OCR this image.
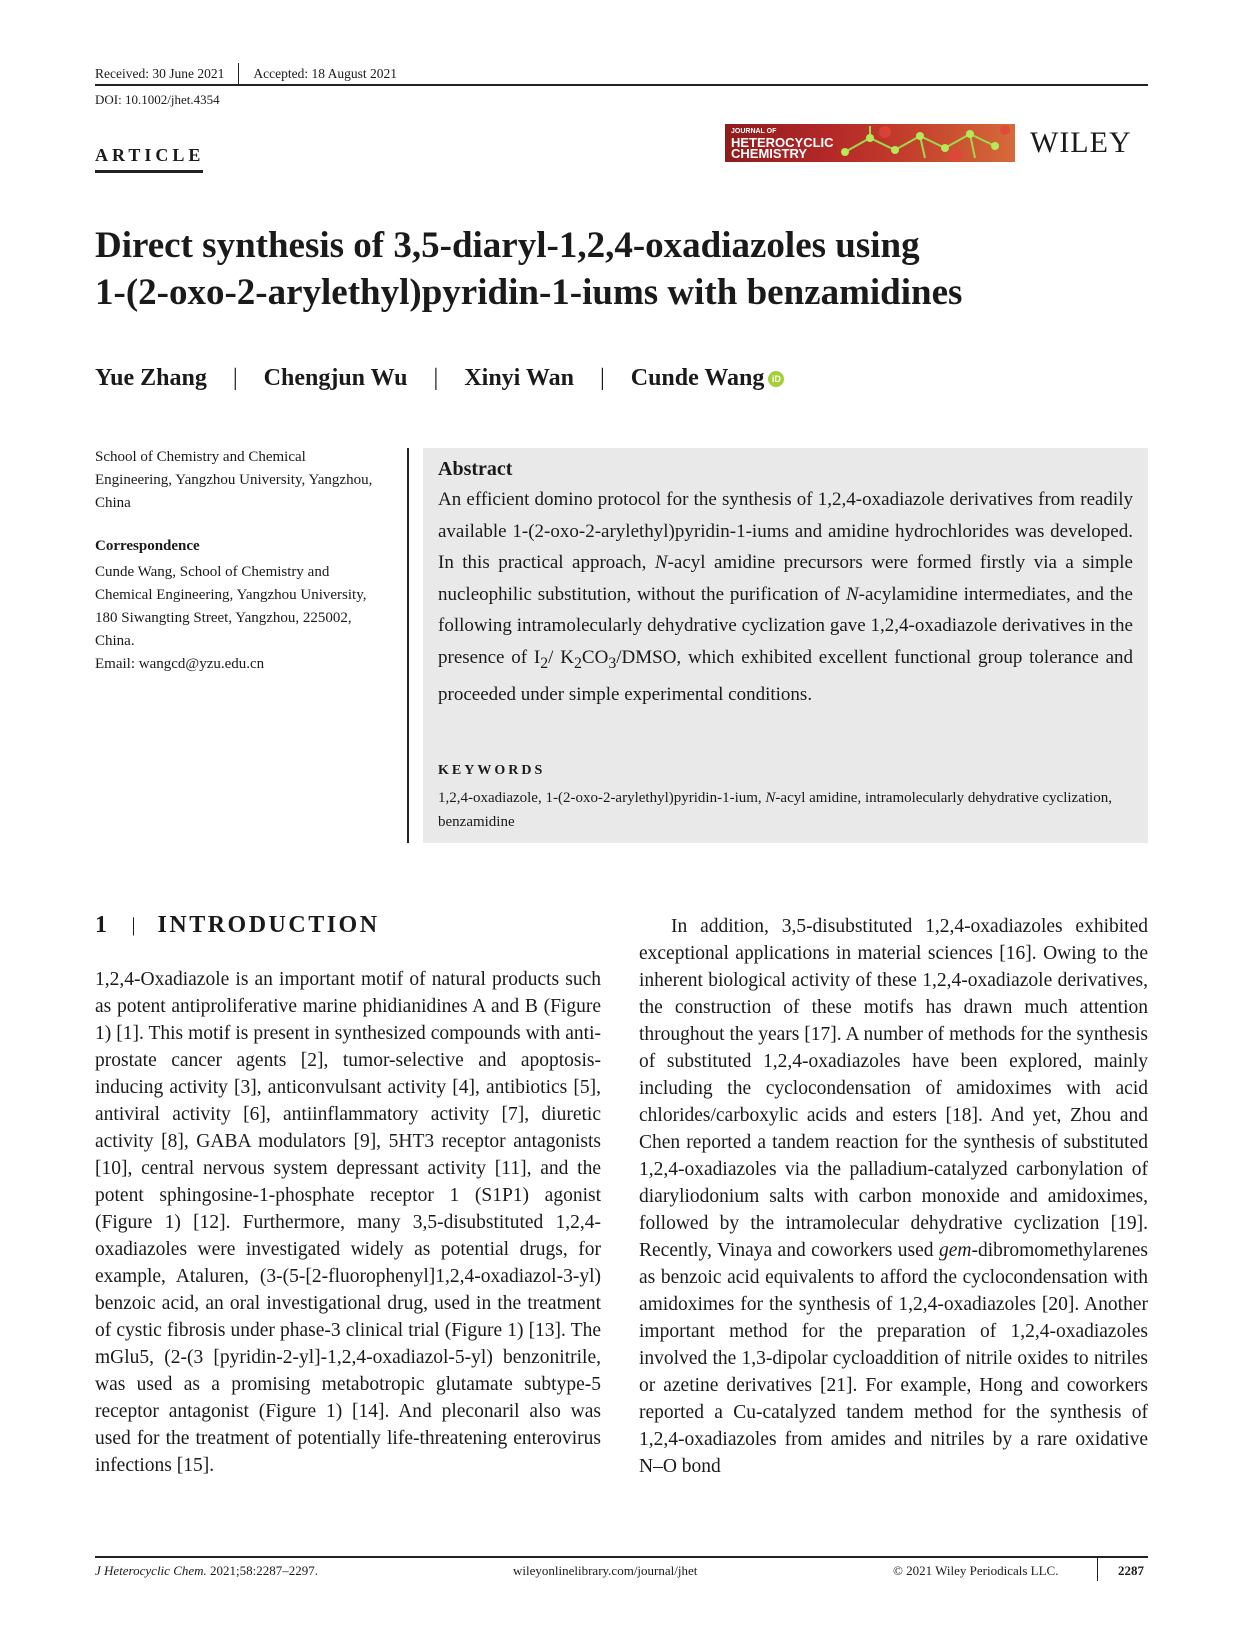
Received: 30 June 2021 Accepted: 18 August 2021
DOI: 10.1002/jhet.4354
ARTICLE
JOURNAL OF
HETEROCYCLIC
CHEMISTRY	WILEY
Direct synthesis of 3,5-diaryl-1,2,4-oxadiazoles using
1-(2-oxo-2-arylethyl)pyridin-1-iums with benzamidines
Yue Zhang | Chengjun Wu | Xinyi Wan | Cunde Wang iD
School of Chemistry and Chemical Engineering, Yangzhou University, Yangzhou, China
Correspondence
Cunde Wang, School of Chemistry and Chemical Engineering, Yangzhou University, 180 Siwangting Street, Yangzhou, 225002, China.
Email: wangcd@yzu.edu.cn
Abstract

An efficient domino protocol for the synthesis of 1,2,4-oxadiazole derivatives from readily available 1-(2-oxo-2-arylethyl)pyridin-1-iums and amidine hydrochlorides was developed. In this practical approach, N-acyl amidine precursors were formed firstly via a simple nucleophilic substitution, without the purification of N-acylamidine intermediates, and the following intramolecularly dehydrative cyclization gave 1,2,4-oxadiazole derivatives in the presence of $I_2/$ $K_2CO_3$/DMSO, which exhibited excellent functional group tolerance and proceeded under simple experimental conditions.

KEYWORDS

1,2,4-oxadiazole, 1-(2-oxo-2-arylethyl)pyridin-1-ium, N-acyl amidine, intramolecularly dehydrative cyclization, benzamidine

1 | INTRODUCTION

1,2,4-Oxadiazole is an important motif of natural products such as potent antiproliferative marine phidianidines A and B (Figure 1) [1]. This motif is present in synthesized compounds with anti-prostate cancer agents [2], tumor-selective and apoptosis-inducing activity [3], anticonvulsant activity [4], antibiotics [5], antiviral activity [6], antiinflammatory activity [7], diuretic activity [8], GABA modulators [9], 5HT3 receptor antagonists [10], central nervous system depressant activity [11], and the potent sphingosine-1-phosphate receptor 1 (S1P1) agonist (Figure 1) [12]. Furthermore, many 3,5-disubstituted 1,2,4-oxadiazoles were investigated widely as potential drugs, for example, Ataluren, (3-(5-[2-fluorophenyl]1,2,4-oxadiazol-3-yl) benzoic acid, an oral investigational drug, used in the treatment of cystic fibrosis under phase-3 clinical trial (Figure 1) [13]. The mGlu5, (2-(3 [pyridin-2-yl]-1,2,4-oxadiazol-5-yl) benzonitrile, was used as a promising metabotropic glutamate subtype-5 receptor antagonist (Figure 1) [14]. And pleconaril also was used for the treatment of potentially life-threatening enterovirus infections [15].

In addition, 3,5-disubstituted 1,2,4-oxadiazoles exhibited exceptional applications in material sciences [16]. Owing to the inherent biological activity of these 1,2,4-oxadiazole derivatives, the construction of these motifs has drawn much attention throughout the years [17]. A number of methods for the synthesis of substituted 1,2,4-oxadiazoles have been explored, mainly including the cyclocondensation of amidoximes with acid chlorides/carboxylic acids and esters [18]. And yet, Zhou and Chen reported a tandem reaction for the synthesis of substituted 1,2,4-oxadiazoles via the palladium-catalyzed carbonylation of diaryliodonium salts with carbon monoxide and amidoximes, followed by the intramolecular dehydrative cyclization [19]. Recently, Vinaya and coworkers used gem-dibromomethylarenes as benzoic acid equivalents to afford the cyclocondensation with amidoximes for the synthesis of 1,2,4-oxadiazoles [20]. Another important method for the preparation of 1,2,4-oxadiazoles involved the 1,3-dipolar cycloaddition of nitrile oxides to nitriles or azetine derivatives [21]. For example, Hong and coworkers reported a Cu-catalyzed tandem method for the synthesis of 1,2,4-oxadiazoles from amides and nitriles by a rare oxidative N–O bond

J Heterocyclic Chem. 2021;58:2287–2297.	wileyonlinelibrary.com/journal/jhet	© 2021 Wiley Periodicals LLC.	2287
